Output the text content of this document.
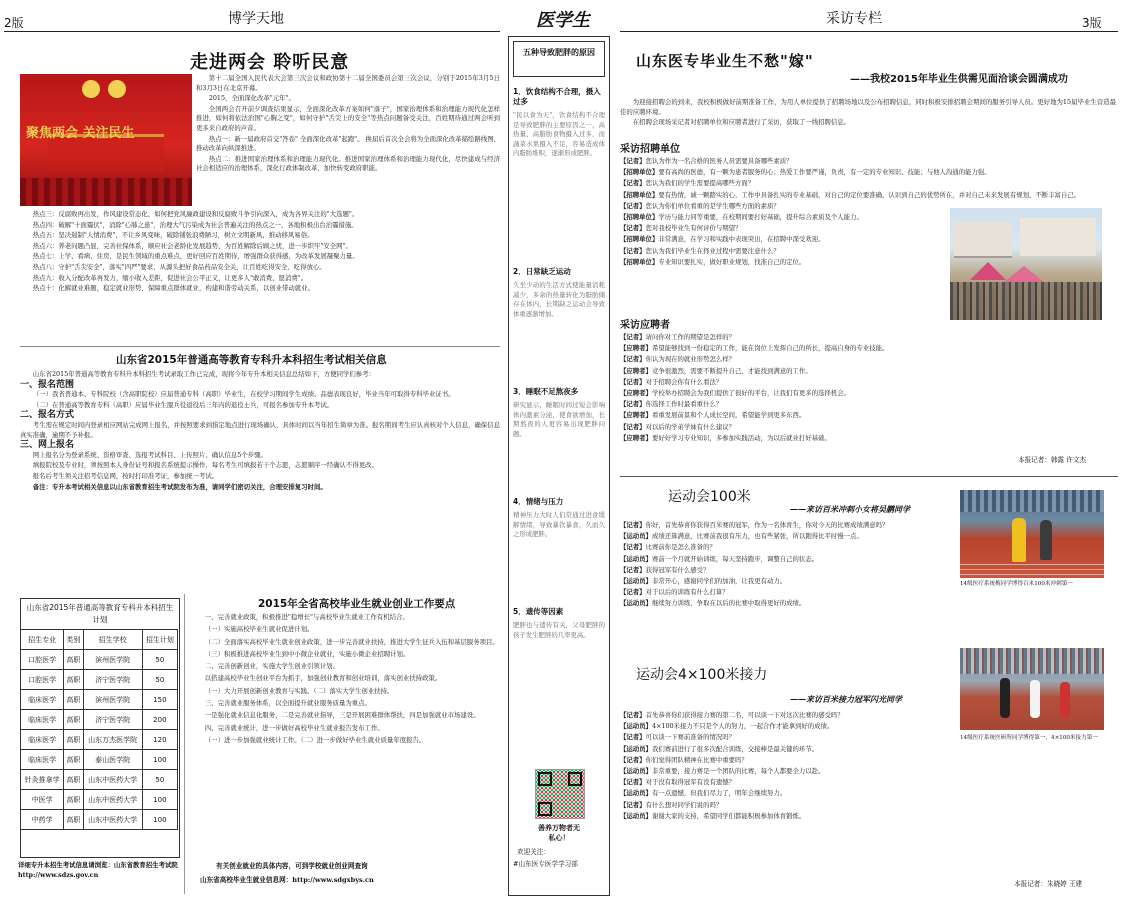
2版	博学天地	医学生	采访专栏	3版
走进两会 聆听民意
聚焦两会 关注民生

第十二届全国人民代表大会第三次会议和政协第十二届全国委员会第三次会议，分别于2015年3月5日和3月3日在北京开幕。

2015，全面深化改革"元年"。

全国两会召开前夕调查结果显示，全面深化改革方案如何"落子"，国家治理体系和治理能力现代化怎样推进，如何将依法治国"心胸之变"，如何守护"舌尖上的安全"等热点问题备受关注，百姓期待通过两会听到更多来自政府的声音。

热点一：新一届政府首交"答卷" 全面深化改革"起跑"。 换届后首次全会将为全面深化改革描绘路线图，推动改革向纵深推进。

热点二：推进国家治理体系和治理能力现代化。推进国家治理体系和治理能力现代化，尽快建成与经济社会相适应的治理体系，深化行政体制改革，加快转变政府职能。

热点三：反腐败再出发，作风建设常态化，如何把党风廉政建设和反腐败斗争引向深入，成为各界关注的"大选题"。

热点四：破解"十面霾伏"，消除"心肺之患"，治理大气污染成为社会普遍关注的热点之一，各地积极出台治霾措施。

热点五：坚决遏制"人情消费"，不让乡风变味，破除铺张浪费陋习，树立文明新风，推动移风易俗。

热点六：养老问题凸显，完善社保体系，顺应社会老龄化发展趋势，为百姓解除后顾之忧，进一步织牢"安全网"。

热点七：上学、看病、住房，是民生领域的重点难点，更好回应百姓期待，增强群众获得感，为改革发展凝聚力量。

热点八：守护"舌尖安全"，落实"四严"要求，从源头把好食品药品安全关，让百姓吃得安全、吃得放心。

热点九：收入分配改革再发力，缩小收入差距，促进社会公平正义，让更多人"敢消费、愿消费"。

热点十：化解就业难题，稳定就业形势，保障重点群体就业，构建和谐劳动关系，以创业带动就业。

山东省2015年普通高等教育专科升本科招生考试相关信息

山东省2015年普通高等教育专科升本科招生考试录取工作已完成，现将今年专升本相关信息总结如下，方便同学们参考：

一、报名范围

（一）我省普通本、专科院校（含高职院校）应届普通专科（高职）毕业生，在校学习期间学生成绩、品德表现良好，毕业当年可取得专科毕业证书。

（二）在普通高等教育专科（高职）应届毕业生服兵役退役后三年内的退役士兵，可报名参加专升本考试。

二、报名方式

考生需在规定时间内登录相应网站完成网上报名，并按照要求到指定地点进行现场确认，具体时间以当年招生简章为准。报名期间考生应认真核对个人信息，确保信息真实准确，逾期不予补报。

三、网上报名

网上报名分为登录系统、资格审查、选报考试科目、上传照片、确认信息5个步骤。

填报院校及专业时，须按照本人身份证号和报名系统提示操作，每名考生可填报若干个志愿，志愿顺序一经确认不得更改。

报名后考生须关注招考信息网，按时打印准考证，参加统一考试。

备注：专升本考试相关信息以山东省教育招生考试院发布为准，请同学们密切关注，合理安排复习时间。

山东省2015年普通高等教育专科升本科招生计划
招生专业	类别	招生学校	招生计划
口腔医学	高职	滨州医学院	50
口腔医学	高职	济宁医学院	50
临床医学	高职	滨州医学院	150
临床医学	高职	济宁医学院	200
临床医学	高职	山东万杰医学院	120
临床医学	高职	泰山医学院	100
针灸推拿学	高职	山东中医药大学	50
中医学	高职	山东中医药大学	100
中药学	高职	山东中医药大学	100
详细专升本招生考试信息请浏览：山东省教育招生考试院 http://www.sdzs.gov.cn
2015年全省高校毕业生就业创业工作要点

一、完善就业政策，积极推进"稳增长"与高校毕业生就业工作有机结合。

（一）实施高校毕业生就业促进计划。

（二）全面落实高校毕业生就业创业政策，进一步完善就业扶持，推进大学生征兵入伍和基层服务项目。

（三）积极推进高校毕业生到中小微企业就业，实施小微企业招聘计划。

二、完善创新创业，实施大学生创业引领计划。

以搭建高校毕业生创业平台为抓手，加强创业教育和创业培训，落实创业扶持政策。

（一）大力开展创新创业教育与实践。（二）落实大学生创业扶持。

三、完善就业服务体系，以全面提升就业服务质量为重点。

一是强化就业信息化服务，二是完善就业指导，三是开展困难群体帮扶，四是加强就业市场建设。

四、完善就业统计，进一步做好高校毕业生就业报告发布工作。

（一）进一步加强就业统计工作。（二）进一步做好毕业生就业质量年度报告。

有关创业就业的具体内容，可到学校就业创业网查询
山东省高校毕业生就业信息网：http://www.sdgxbys.cn
五种导致肥胖的原因
1．饮食结构不合理，摄入过多
"民以食为天"，饮食结构不合理是导致肥胖的主要原因之一，高热量、高脂肪食物摄入过多，而蔬菜水果摄入不足，容易造成体内脂肪堆积，逐渐形成肥胖。
2．日常缺乏运动
久坐少动的生活方式使能量消耗减少，多余的热量转化为脂肪储存在体内，长期缺乏运动会导致体重逐渐增加。
3．睡眠不足熬夜多
研究显示，睡眠时间过短会影响体内激素分泌，使食欲增加，长期熬夜的人更容易出现肥胖问题。
4．情绪与压力
精神压力大时人们常通过进食缓解情绪，导致暴饮暴食，久而久之形成肥胖。
5．遗传等因素
肥胖也与遗传有关，父母肥胖的孩子发生肥胖的几率更高。
善养万物者无
私心！
欢迎关注：
#山东医专医学学习部
山东医专毕业生不愁"嫁"
——我校2015年毕业生供需见面洽谈会圆满成功

为迎接招聘会的到来，我校积极做好前期准备工作，为用人单位提供了招聘场地以及公布招聘信息，同时积极安排招聘会期间的服务引导人员。更好地为15届毕业生营造最佳的应聘环境。

在招聘会现场采记者对招聘单位和应聘者进行了采访，获取了一线招聘信息。

采访招聘单位
【记者】您认为作为一名合格的医务人员需要具备哪些素质？
【招聘单位】要有高尚的医德，有一颗为患者服务的心；热爱工作要严谨，负责，有一定的专业知识、技能；与他人沟通的能力强。
【记者】您认为我们的学生需要提高哪些方面？
【招聘单位】要有热情，诚一颗踏实的心，工作中具备扎实的专业基础，对自己的定位要准确，认识到自己的优势所在，并对自己未来发展有规划，不断丰富自己。
【记者】您认为你们单位看重的是学生哪些方面的素质？
【招聘单位】学历与能力同等重要，在校期间要打好基础，提升综合素质及个人能力。
【记者】您对我校毕业生有何评价与期望？
【招聘单位】非常满意，在学习和实践中表现突出，在招聘中深受欢迎。
【记者】您认为我们毕业生在择业过程中需要注意什么？
【招聘单位】专业知识要扎实，做好职业规划，找准自己的定位。
采访应聘者
【记者】请问你对工作的期望是怎样的？
【应聘者】希望能够找到一份稳定的工作，能在岗位上发挥自己的所长，提高自身的专业技能。
【记者】你认为现在的就业形势怎么样？
【应聘者】竞争很激烈，需要不断提升自己，才能找到满意的工作。
【记者】对于招聘会你有什么看法？
【应聘者】学校举办招聘会为我们提供了很好的平台，让我们有更多的选择机会。
【记者】你选择工作时最看重什么？
【应聘者】看重发展前景和个人成长空间，希望能学到更多东西。
【记者】对以后的学弟学妹有什么建议？
【应聘者】要好好学习专业知识，多参加实践活动，为以后就业打好基础。
本报记者：韩露 许文杰
运动会100米
——来访百米冲刺小女将吴鹏同学
【记者】你好，首先恭喜你获得百米赛的冠军，作为一名体育生，你对今天的比赛成绩满意吗？
【运动员】成绩还算满意，比赛前我很有压力，也有些紧张，所以跑得比平时慢一点。
【记者】比赛前你是怎么准备的？
【运动员】赛前一个月就开始训练，每天坚持跑步，调整自己的状态。
【记者】获得冠军有什么感受？
【运动员】非常开心，感谢同学们的加油，让我更有动力。
【记者】对于以后的训练有什么打算？
【运动员】继续努力训练，争取在以后的比赛中取得更好的成绩。
14级医疗系统梅同学博得百米100米冲刺第一
运动会4×100米接力
——来访百米接力冠军闪光同学
【记者】首先恭喜你们获得接力赛的第二名，可以谈一下对这次比赛的感受吗？
【运动员】4×100米接力不只是个人的努力，一起合作才能拿到好的成绩。
【记者】可以谈一下赛前准备的情况吗？
【运动员】我们赛前进行了很多次配合训练，交接棒是最关键的环节。
【记者】你们觉得团队精神在比赛中重要吗？
【运动员】非常重要，接力赛是一个团队的比赛，每个人都要全力以赴。
【记者】对于没有取得冠军有没有遗憾？
【运动员】有一点遗憾，但我们尽力了，明年会继续努力。
【记者】有什么想对同学们说的吗？
【运动员】谢谢大家的支持，希望同学们都能积极参加体育锻炼。
14级医疗系统医研所同学博得第一，4×100米接力第一
本报记者：朱晓婷 王建
